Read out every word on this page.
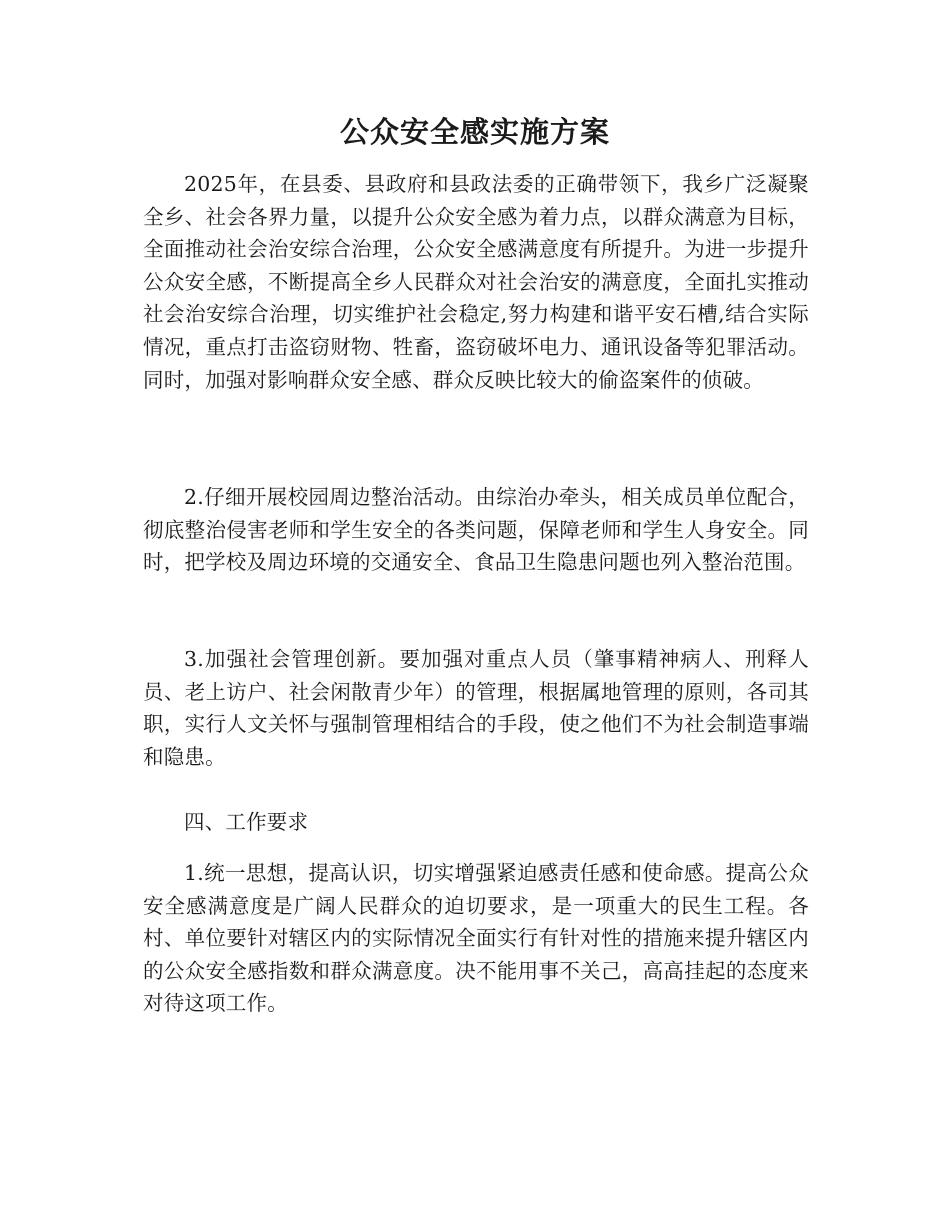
公众安全感实施方案

2025年，在县委、县政府和县政法委的正确带领下，我乡广泛凝聚全乡、社会各界力量，以提升公众安全感为着力点，以群众满意为目标，全面推动社会治安综合治理，公众安全感满意度有所提升。为进一步提升公众安全感，不断提高全乡人民群众对社会治安的满意度，全面扎实推动社会治安综合治理，切实维护社会稳定,努力构建和谐平安石槽,结合实际情况，重点打击盗窃财物、牲畜，盗窃破坏电力、通讯设备等犯罪活动。同时，加强对影响群众安全感、群众反映比较大的偷盗案件的侦破。

2.仔细开展校园周边整治活动。由综治办牵头，相关成员单位配合，彻底整治侵害老师和学生安全的各类问题，保障老师和学生人身安全。同时，把学校及周边环境的交通安全、食品卫生隐患问题也列入整治范围。

3.加强社会管理创新。要加强对重点人员（肇事精神病人、刑释人员、老上访户、社会闲散青少年）的管理，根据属地管理的原则，各司其职，实行人文关怀与强制管理相结合的手段，使之他们不为社会制造事端和隐患。

四、工作要求

1.统一思想，提高认识，切实增强紧迫感责任感和使命感。提高公众安全感满意度是广阔人民群众的迫切要求，是一项重大的民生工程。各村、单位要针对辖区内的实际情况全面实行有针对性的措施来提升辖区内的公众安全感指数和群众满意度。决不能用事不关己，高高挂起的态度来对待这项工作。
